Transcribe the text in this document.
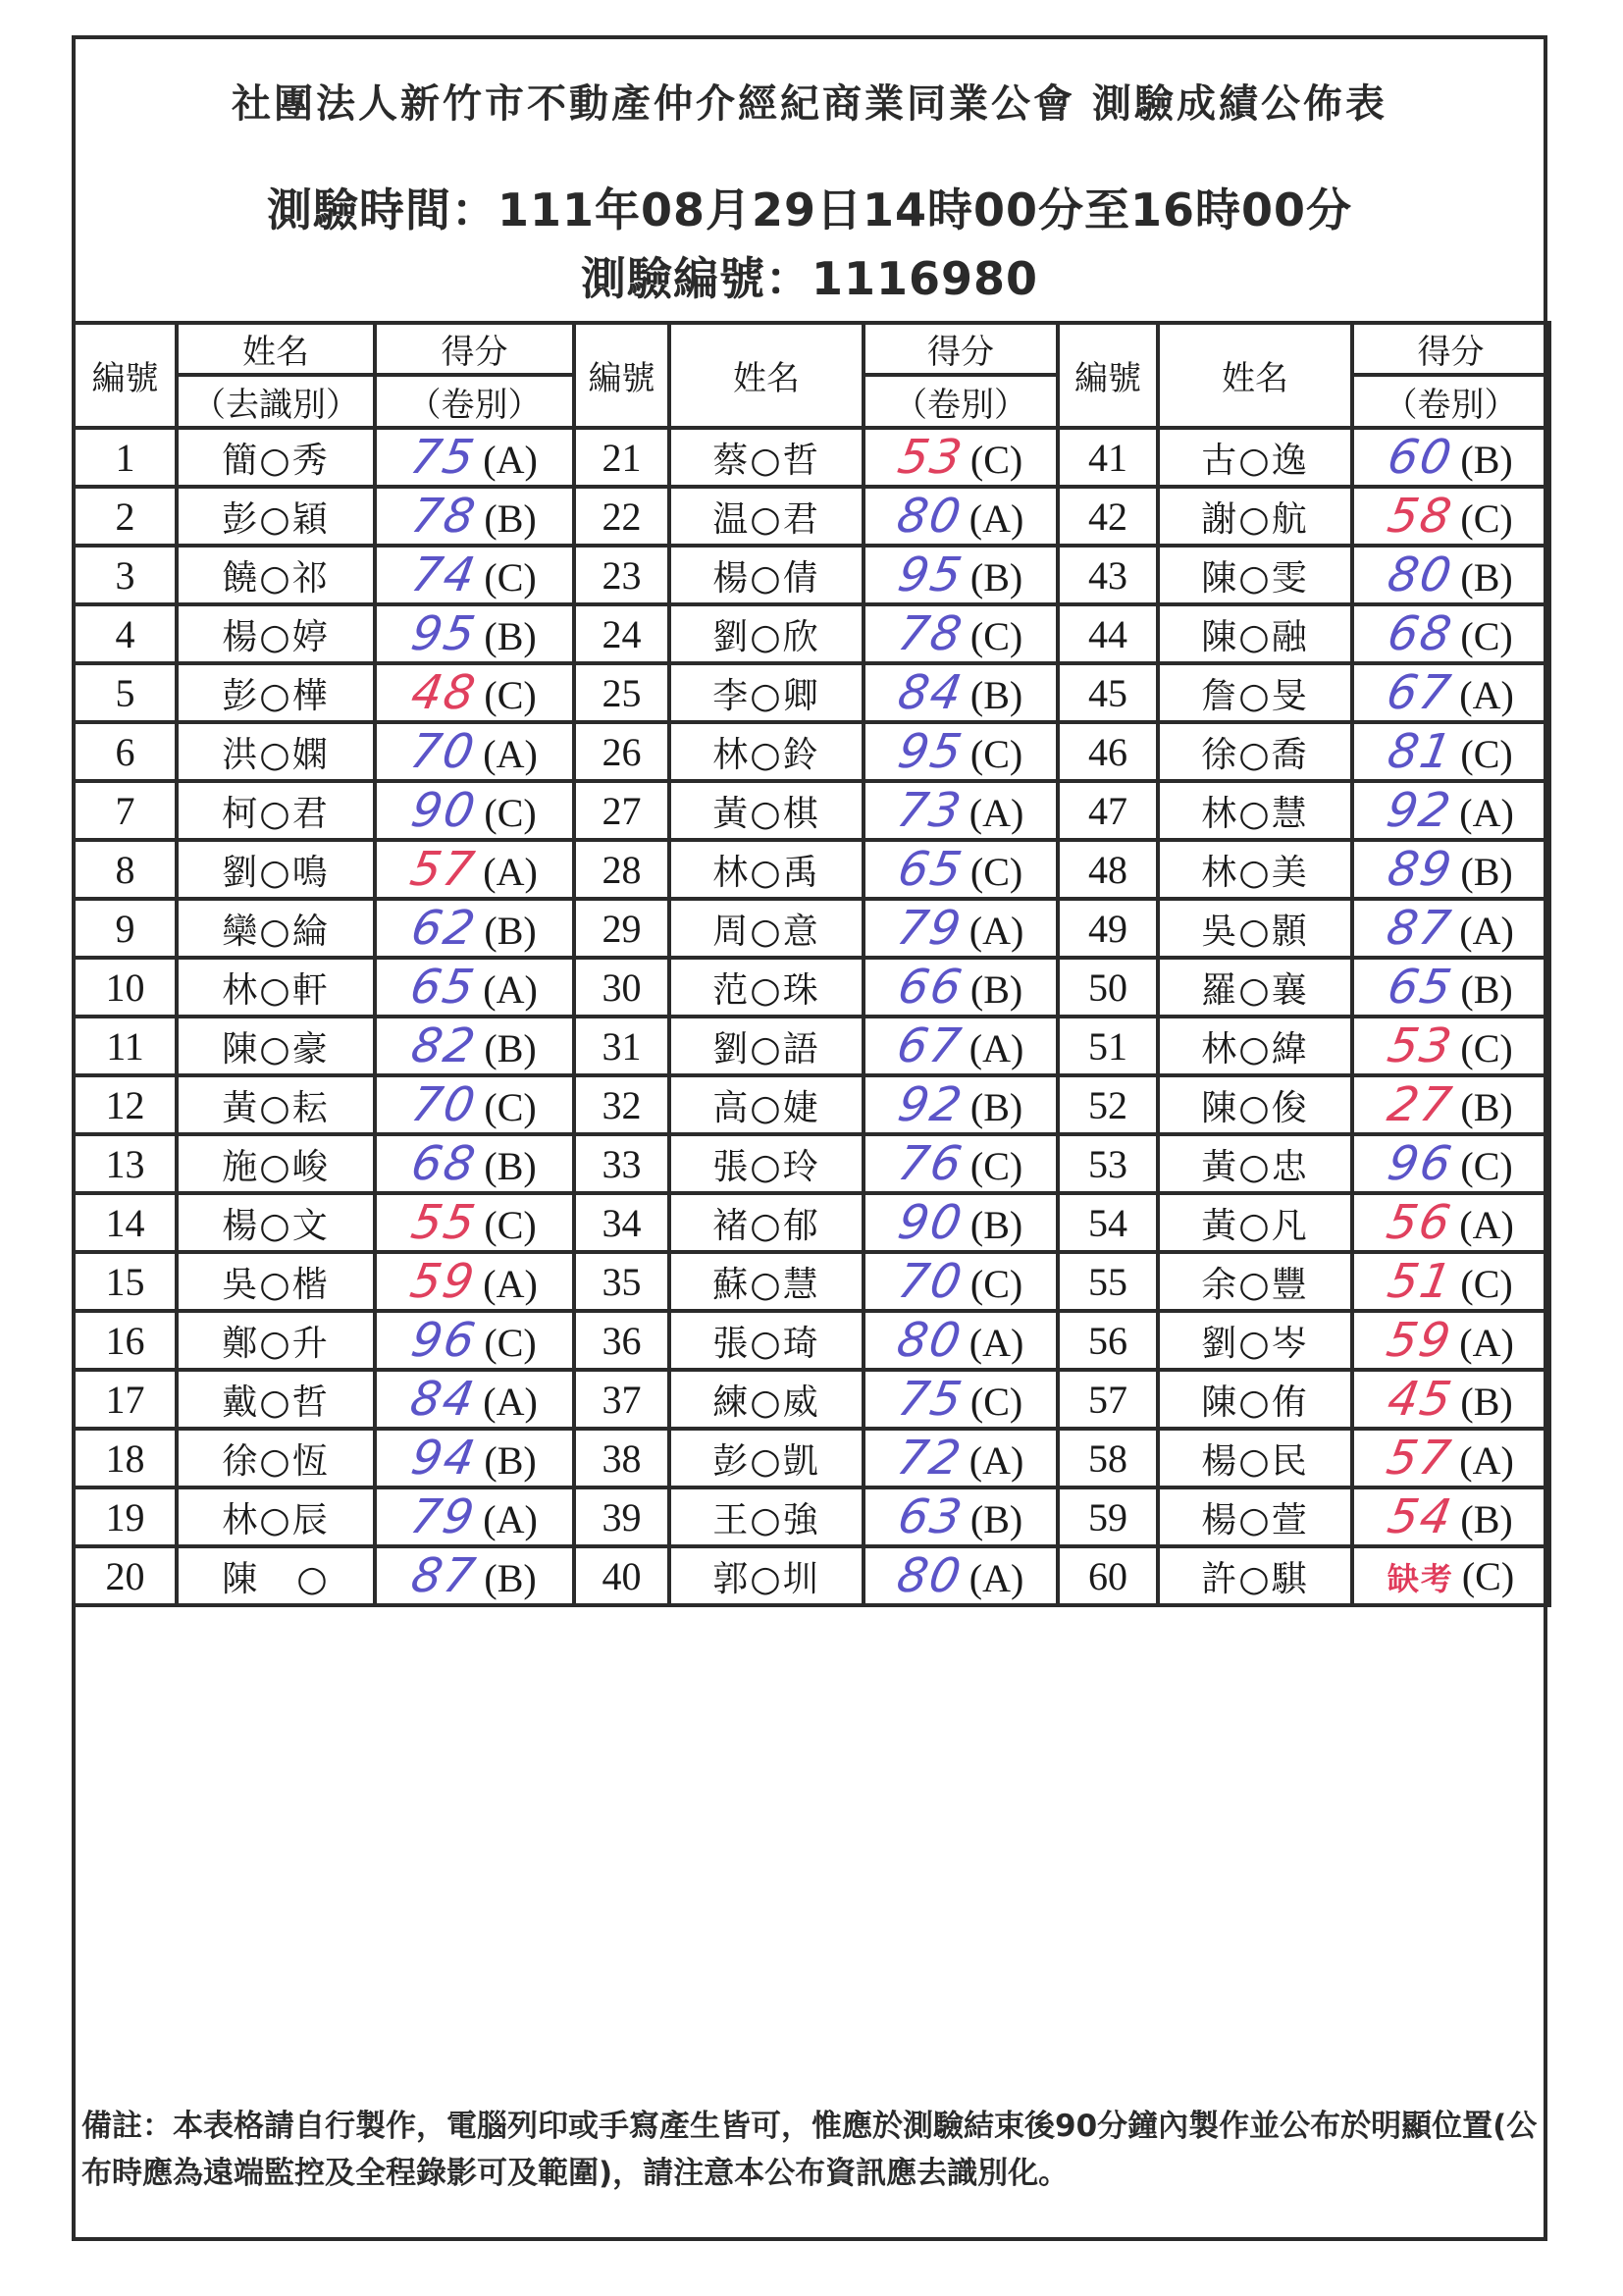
社團法人新竹市不動產仲介經紀商業同業公會 測驗成績公佈表
測驗時間：111年08月29日14時00分至16時00分
測驗編號：1116980
編號	姓名	得分	編號	姓名	得分	編號	姓名	得分
	（去識別）	（卷別）			（卷別）			（卷別）
1	簡○秀	75(A)	21	蔡○哲	53(C)	41	古○逸	60(B)
2	彭○穎	78(B)	22	温○君	80(A)	42	謝○航	58(C)
3	饒○祁	74(C)	23	楊○倩	95(B)	43	陳○雯	80(B)
4	楊○婷	95(B)	24	劉○欣	78(C)	44	陳○融	68(C)
5	彭○樺	48(C)	25	李○卿	84(B)	45	詹○旻	67(A)
6	洪○嫻	70(A)	26	林○鈴	95(C)	46	徐○喬	81(C)
7	柯○君	90(C)	27	黃○棋	73(A)	47	林○慧	92(A)
8	劉○鳴	57(A)	28	林○禹	65(C)	48	林○美	89(B)
9	欒○綸	62(B)	29	周○意	79(A)	49	吳○顥	87(A)
10	林○軒	65(A)	30	范○珠	66(B)	50	羅○襄	65(B)
11	陳○豪	82(B)	31	劉○語	67(A)	51	林○緯	53(C)
12	黃○耘	70(C)	32	高○婕	92(B)	52	陳○俊	27(B)
13	施○峻	68(B)	33	張○玲	76(C)	53	黃○忠	96(C)
14	楊○文	55(C)	34	褚○郁	90(B)	54	黃○凡	56(A)
15	吳○楷	59(A)	35	蘇○慧	70(C)	55	余○豐	51(C)
16	鄭○升	96(C)	36	張○琦	80(A)	56	劉○岑	59(A)
17	戴○哲	84(A)	37	練○威	75(C)	57	陳○侑	45(B)
18	徐○恆	94(B)	38	彭○凱	72(A)	58	楊○民	57(A)
19	林○辰	79(A)	39	王○強	63(B)	59	楊○萱	54(B)
20	陳　○	87(B)	40	郭○圳	80(A)	60	許○騏	缺考 (C)
備註：本表格請自行製作，電腦列印或手寫產生皆可，惟應於測驗結束後90分鐘內製作並公布於明顯位置(公布時應為遠端監控及全程錄影可及範圍)，請注意本公布資訊應去識別化。
